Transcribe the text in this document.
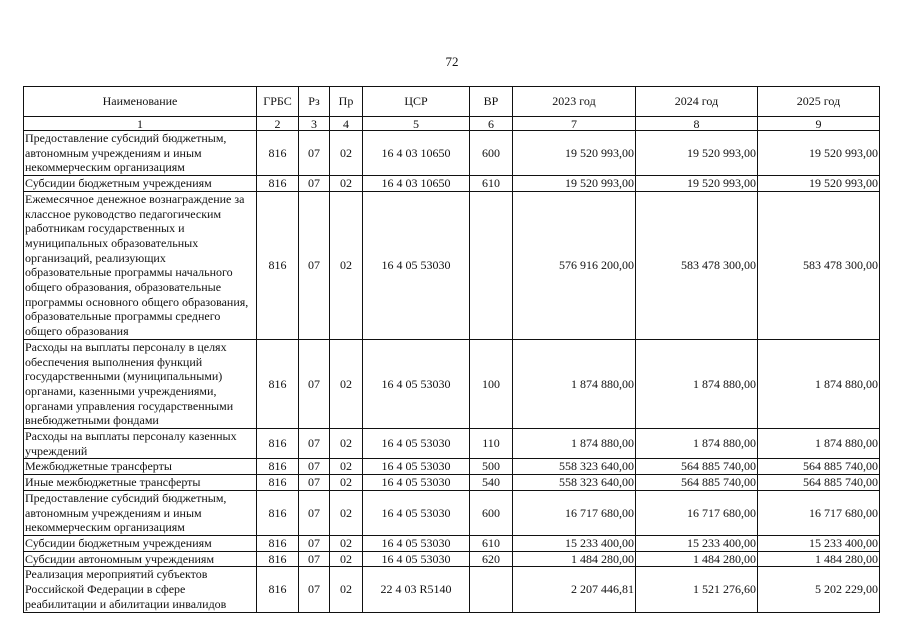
72
Наименование	ГРБС	Рз	Пр	ЦСР	ВР	2023 год	2024 год	2025 год
1	2	3	4	5	6	7	8	9
Предоставление субсидий бюджетным, автономным учреждениям и иным некоммерческим организациям	816	07	02	16 4 03 10650	600	19 520 993,00	19 520 993,00	19 520 993,00
Субсидии бюджетным учреждениям	816	07	02	16 4 03 10650	610	19 520 993,00	19 520 993,00	19 520 993,00
Ежемесячное денежное вознаграждение за классное руководство педагогическим работникам государственных и муниципальных образовательных организаций, реализующих образовательные программы начального общего образования, образовательные программы основного общего образования, образовательные программы среднего общего образования	816	07	02	16 4 05 53030		576 916 200,00	583 478 300,00	583 478 300,00
Расходы на выплаты персоналу в целях обеспечения выполнения функций государственными (муниципальными) органами, казенными учреждениями, органами управления государственными внебюджетными фондами	816	07	02	16 4 05 53030	100	1 874 880,00	1 874 880,00	1 874 880,00
Расходы на выплаты персоналу казенных учреждений	816	07	02	16 4 05 53030	110	1 874 880,00	1 874 880,00	1 874 880,00
Межбюджетные трансферты	816	07	02	16 4 05 53030	500	558 323 640,00	564 885 740,00	564 885 740,00
Иные межбюджетные трансферты	816	07	02	16 4 05 53030	540	558 323 640,00	564 885 740,00	564 885 740,00
Предоставление субсидий бюджетным, автономным учреждениям и иным некоммерческим организациям	816	07	02	16 4 05 53030	600	16 717 680,00	16 717 680,00	16 717 680,00
Субсидии бюджетным учреждениям	816	07	02	16 4 05 53030	610	15 233 400,00	15 233 400,00	15 233 400,00
Субсидии автономным учреждениям	816	07	02	16 4 05 53030	620	1 484 280,00	1 484 280,00	1 484 280,00
Реализация мероприятий субъектов Российской Федерации в сфере реабилитации и абилитации инвалидов	816	07	02	22 4 03 R5140		2 207 446,81	1 521 276,60	5 202 229,00
